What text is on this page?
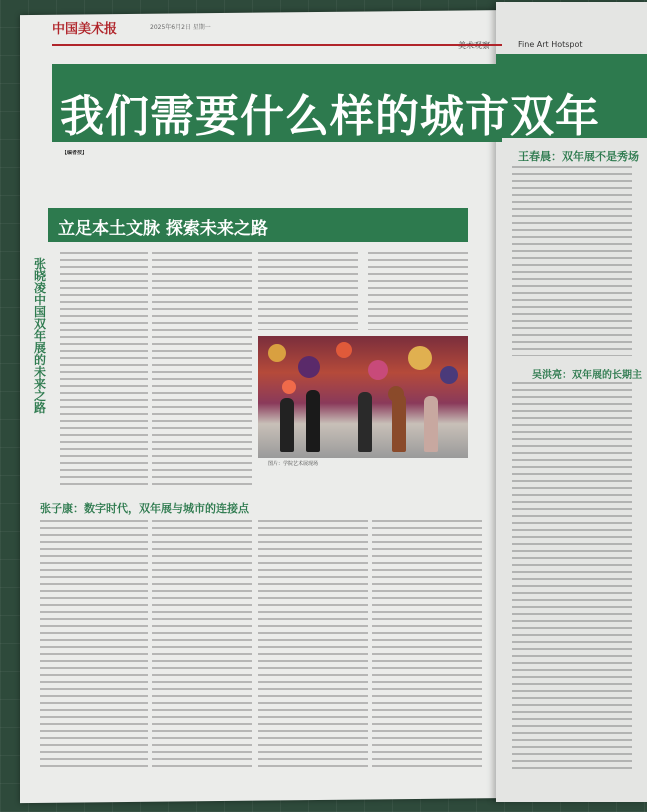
中国美术报	2025年6月2日 星期一
Fine Art Hotspot
我们需要什么样的城市双年
王春晨：双年展不是秀场
【编者按】
立足本土文脉 探索未来之路
张晓凌 中国双年展的未来之路
图片：学院艺术展现场
张子康：数字时代，双年展与城市的连接点
吴洪亮：双年展的长期主
